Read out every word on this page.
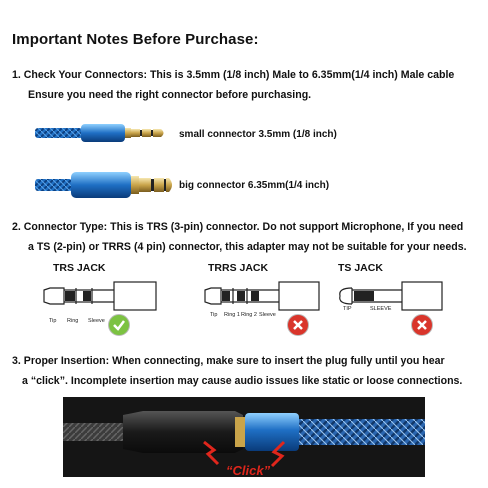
Important Notes Before Purchase:
1. Check Your Connectors: This is 3.5mm (1/8 inch) Male to 6.35mm(1/4 inch) Male cable
Ensure you need the right connector before purchasing.
small connector 3.5mm (1/8 inch)
big connector 6.35mm(1/4 inch)
2. Connector Type: This is TRS (3-pin) connector. Do not support Microphone, If you need
a TS (2-pin) or TRRS (4 pin) connector, this adapter may not be suitable for your needs.
TRS JACK
Tip Ring Sleeve
TRRS JACK
Tip Ring 1 Ring 2 Sleeve
TS JACK
TIP	SLEEVE
3. Proper Insertion: When connecting, make sure to insert the plug fully until you hear
a “click”. Incomplete insertion may cause audio issues like static or loose connections.
“Click”
